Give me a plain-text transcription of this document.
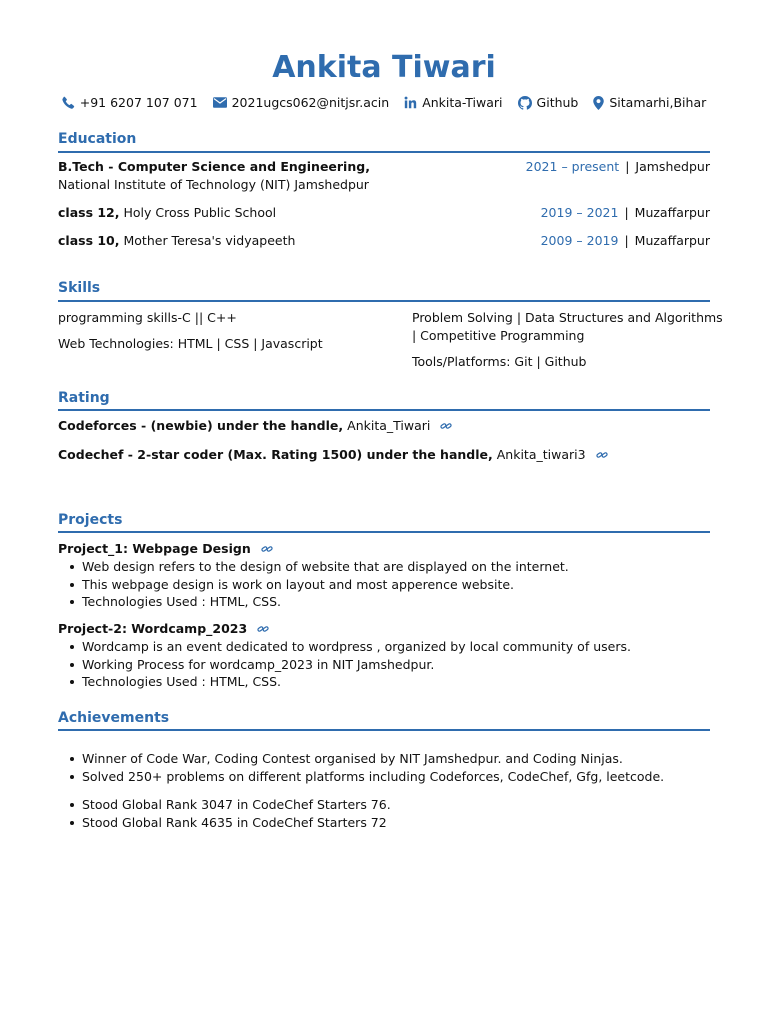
Ankita Tiwari
+91 6207 107 071	2021ugcs062@nitjsr.acin	Ankita-Tiwari	Github Sitamarhi,Bihar
Education
B.Tech - Computer Science and Engineering,
National Institute of Technology (NIT) Jamshedpur
2021 – present | Jamshedpur
class 12, Holy Cross Public School	2019 – 2021 | Muzaffarpur
class 10, Mother Teresa's vidyapeeth	2009 – 2019 | Muzaffarpur
Skills
programming skills-C || C++
Web Technologies: HTML | CSS | Javascript
Problem Solving | Data Structures and Algorithms
| Competitive Programming
Tools/Platforms: Git | Github
Rating
Codeforces - (newbie) under the handle, Ankita_Tiwari
Codechef - 2-star coder (Max. Rating 1500) under the handle, Ankita_tiwari3
Projects
Project_1: Webpage Design
Web design refers to the design of website that are displayed on the internet.
This webpage design is work on layout and most apperence website.
Technologies Used : HTML, CSS.
Project-2: Wordcamp_2023
Wordcamp is an event dedicated to wordpress , organized by local community of users.
Working Process for wordcamp_2023 in NIT Jamshedpur.
Technologies Used : HTML, CSS.
Achievements
Winner of Code War, Coding Contest organised by NIT Jamshedpur. and Coding Ninjas.
Solved 250+ problems on different platforms including Codeforces, CodeChef, Gfg, leetcode.
Stood Global Rank 3047 in CodeChef Starters 76.
Stood Global Rank 4635 in CodeChef Starters 72
